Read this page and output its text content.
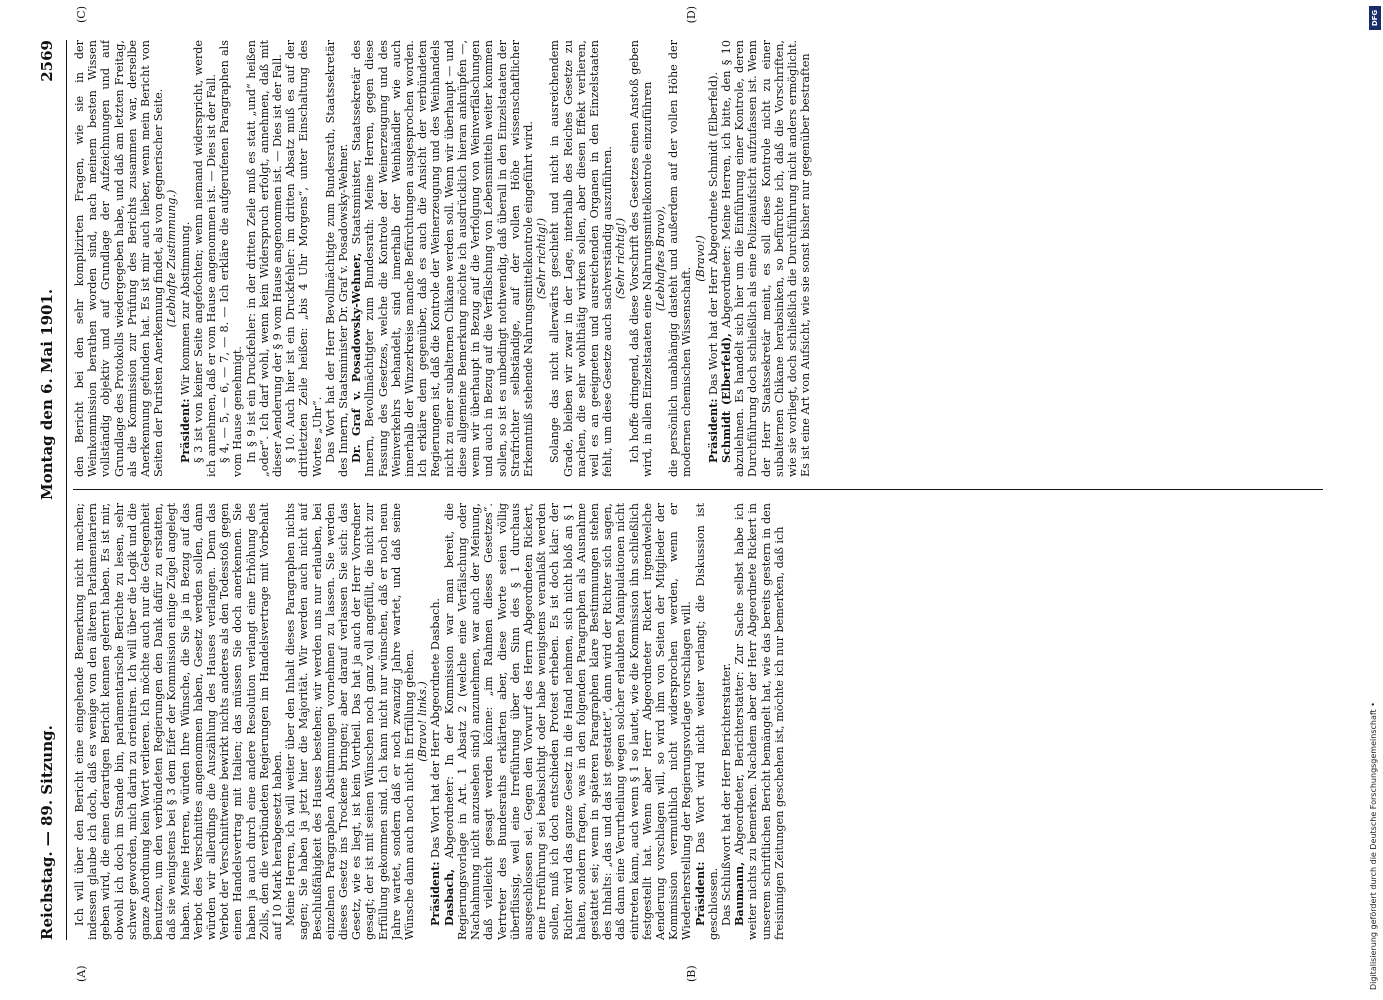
Reichstag. — 89. Sitzung.
Montag den 6. Mai 1901.
2569
(A)	(B)
(C)	(D)

Ich will über den Bericht eine eingehende Bemerkung nicht machen; indessen glaube ich doch, daß es wenige von den älteren Parlamentariern geben wird, die einen derartigen Bericht kennen gelernt haben. Es ist mir, obwohl ich doch im Stande bin, parlamentarische Berichte zu lesen, sehr schwer geworden, mich darin zu orientiren. Ich will über die Logik und die ganze Anordnung kein Wort verlieren. Ich möchte auch nur die Gelegenheit benutzen, um den verbündeten Regierungen den Dank dafür zu erstatten, daß sie wenigstens bei § 3 dem Eifer der Kommission einige Zügel angelegt haben. Meine Herren, würden Ihre Wünsche, die Sie ja in Bezug auf das Verbot des Verschnittes angenommen haben, Gesetz werden sollen, dann würden wir allerdings die Auszählung des Hauses verlangen. Denn das Verbot der Verschnittweine bewirkt nichts anderes als den Todesstoß gegen einen Handelsvertrag mit Italien; das müssen Sie doch anerkennen. Sie haben ja auch durch eine andere Resolution verlangt eine Erhöhung des Zolls, den die verbündeten Regierungen im Handelsvertrage mit Vorbehalt auf 10 Mark herabgesetzt haben. Meine Herren, ich will weiter über den Inhalt dieses Paragraphen nichts sagen; Sie haben ja jetzt hier die Majorität. Wir werden auch nicht auf Beschlußfähigkeit des Hauses bestehen; wir werden uns nur erlauben, bei einzelnen Paragraphen Abstimmungen vornehmen zu lassen. Sie werden dieses Gesetz ins Trockene bringen; aber darauf verlassen Sie sich: das Gesetz, wie es liegt, ist kein Vortheil. Das hat ja auch der Herr Vorredner gesagt; der ist mit seinen Wünschen noch ganz voll angefüllt, die nicht zur Erfüllung gekommen sind. Ich kann nicht nur wünschen, daß er noch neun Jahre wartet, sondern daß er noch zwanzig Jahre wartet, und daß seine Wünsche dann auch noch nicht in Erfüllung gehen. (Bravo! links.)

Präsident: Das Wort hat der Herr Abgeordnete Dasbach.

Dasbach, Abgeordneter: In der Kommission war man bereit, die Regierungsvorlage in Art. 1 Absatz 2 (welche eine Verfälschung oder Nachahmung nicht anzusehen sind) anzunehmen, war auch der Meinung, daß vielleicht gesagt werden könne: „im Rahmen dieses Gesetzes“. Vertreter des Bundesraths erklärten aber, diese Worte seien völlig überflüssig, weil eine Irreführung über den Sinn des § 1 durchaus ausgeschlossen sei. Gegen den Vorwurf des Herrn Abgeordneten Rickert, eine Irreführung sei beabsichtigt oder habe wenigstens veranlaßt werden sollen, muß ich doch entschieden Protest erheben. Es ist doch klar: der Richter wird das ganze Gesetz in die Hand nehmen, sich nicht bloß an § 1 halten, sondern fragen, was in den folgenden Paragraphen als Ausnahme gestattet sei; wenn in späteren Paragraphen klare Bestimmungen stehen des Inhalts: „das und das ist gestattet“, dann wird der Richter sich sagen, daß dann eine Verurtheilung wegen solcher erlaubten Manipulationen nicht eintreten kann, auch wenn § 1 so lautet, wie die Kommission ihn schließlich festgestellt hat. Wenn aber Herr Abgeordneter Rickert irgendwelche Aenderung vorschlagen will, so wird ihm von Seiten der Mitglieder der Kommission vermuthlich nicht widersprochen werden, wenn er Wiederherstellung der Regierungsvorlage vorschlagen will. Präsident: Das Wort wird nicht weiter verlangt; die Diskussion ist geschlossen. Das Schlußwort hat der Herr Berichterstatter. Baumann, Abgeordneter, Berichterstatter: Zur Sache selbst habe ich weiter nichts zu bemerken. Nachdem aber der Herr Abgeordnete Rickert in unserem schriftlichen Bericht bemängelt hat, wie das bereits gestern in den freisinnigen Zeitungen geschehen ist, möchte ich nur bemerken, daß ich

den Bericht bei den sehr komplizirten Fragen, wie sie in der Weinkommission berathen worden sind, nach meinem besten Wissen vollständig objektiv und auf Grundlage der Aufzeichnungen und auf Grundlage des Protokolls wiedergegeben habe, und daß am letzten Freitag, als die Kommission zur Prüfung des Berichts zusammen war, derselbe Anerkennung gefunden hat. Es ist mir auch lieber, wenn mein Bericht von Seiten der Puristen Anerkennung findet, als von gegnerischer Seite. (Lebhafte Zustimmung.)

Präsident: Wir kommen zur Abstimmung. § 3 ist von keiner Seite angefochten; wenn niemand widerspricht, werde ich annehmen, daß er vom Hause angenommen ist. — Dies ist der Fall. § 4, — 5, — 6, — 7, — 8. — Ich erkläre die aufgerufenen Paragraphen als vom Hause genehmigt. In § 9 ist ein Druckfehler: in der dritten Zeile muß es statt „und“ heißen „oder“. Ich darf wohl, wenn kein Widerspruch erfolgt, annehmen, daß mit dieser Aenderung der § 9 vom Hause angenommen ist. — Dies ist der Fall. § 10. Auch hier ist ein Druckfehler: im dritten Absatz muß es auf der drittletzten Zeile heißen: „bis 4 Uhr Morgens“, unter Einschaltung des Wortes „Uhr“. Das Wort hat der Herr Bevollmächtigte zum Bundesrath, Staatssekretär des Innern, Staatsminister Dr. Graf v. Posadowsky-Wehner. Dr. Graf v. Posadowsky-Wehner, Staatsminister, Staatssekretär des Innern, Bevollmächtigter zum Bundesrath: Meine Herren, gegen diese Fassung des Gesetzes, welche die Kontrole der Weinerzeugung und des Weinverkehrs behandelt, sind innerhalb der Weinhändler wie auch innerhalb der Winzerkreise manche Befürchtungen ausgesprochen worden. Ich erkläre dem gegenüber, daß es auch die Ansicht der verbündeten Regierungen ist, daß die Kontrole der Weinerzeugung und des Weinhandels nicht zu einer subalternen Chikane werden soll. Wenn wir überhaupt — und diese allgemeine Bemerkung möchte ich ausdrücklich hieran anknüpfen —, wenn wir überhaupt in Bezug auf die Verfolgung von Weinverfälschungen und auch in Bezug auf die Verfälschung von Lebensmitteln weiter kommen sollen, so ist es unbedingt nothwendig, daß überall in den Einzelstaaten der Strafrichter selbständige, auf der vollen Höhe wissenschaftlicher Erkenntniß stehende Nahrungsmittelkontrole eingeführt wird. (Sehr richtig!) Solange das nicht allerwärts geschieht und nicht in ausreichendem Grade, bleiben wir zwar in der Lage, interhalb des Reiches Gesetze zu machen, die sehr wohlthätig wirken sollen, aber diesen Effekt verlieren, weil es an geeigneten und ausreichenden Organen in den Einzelstaaten fehlt, um diese Gesetze auch sachverständig auszuführen. (Sehr richtig!) Ich hoffe dringend, daß diese Vorschrift des Gesetzes einen Anstoß geben wird, in allen Einzelstaaten eine Nahrungsmittelkontrole einzuführen (Lebhaftes Bravo), die persönlich unabhängig dasteht und außerdem auf der vollen Höhe der modernen chemischen Wissenschaft.

(Bravo!)

Präsident: Das Wort hat der Herr Abgeordnete Schmidt (Elberfeld).

Schmidt (Elberfeld), Abgeordneter: Meine Herren, ich bitte, den § 10 abzulehnen. Es handelt sich hier um die Einführung einer Kontrole, deren Durchführung doch schließlich als eine Polizeiaufsicht aufzufassen ist. Wenn der Herr Staatssekretär meint, es soll diese Kontrole nicht zu einer subalternen Chikane herabsinken, so befürchte ich, daß die Vorschriften, wie sie vorliegt, doch schließlich die Durchführung nicht anders ermöglicht. Es ist eine Art von Aufsicht, wie sie sonst bisher nur gegenüber bestraften

Digitalisierung gefördert durch die Deutsche Forschungsgemeinschaft •
DFG
